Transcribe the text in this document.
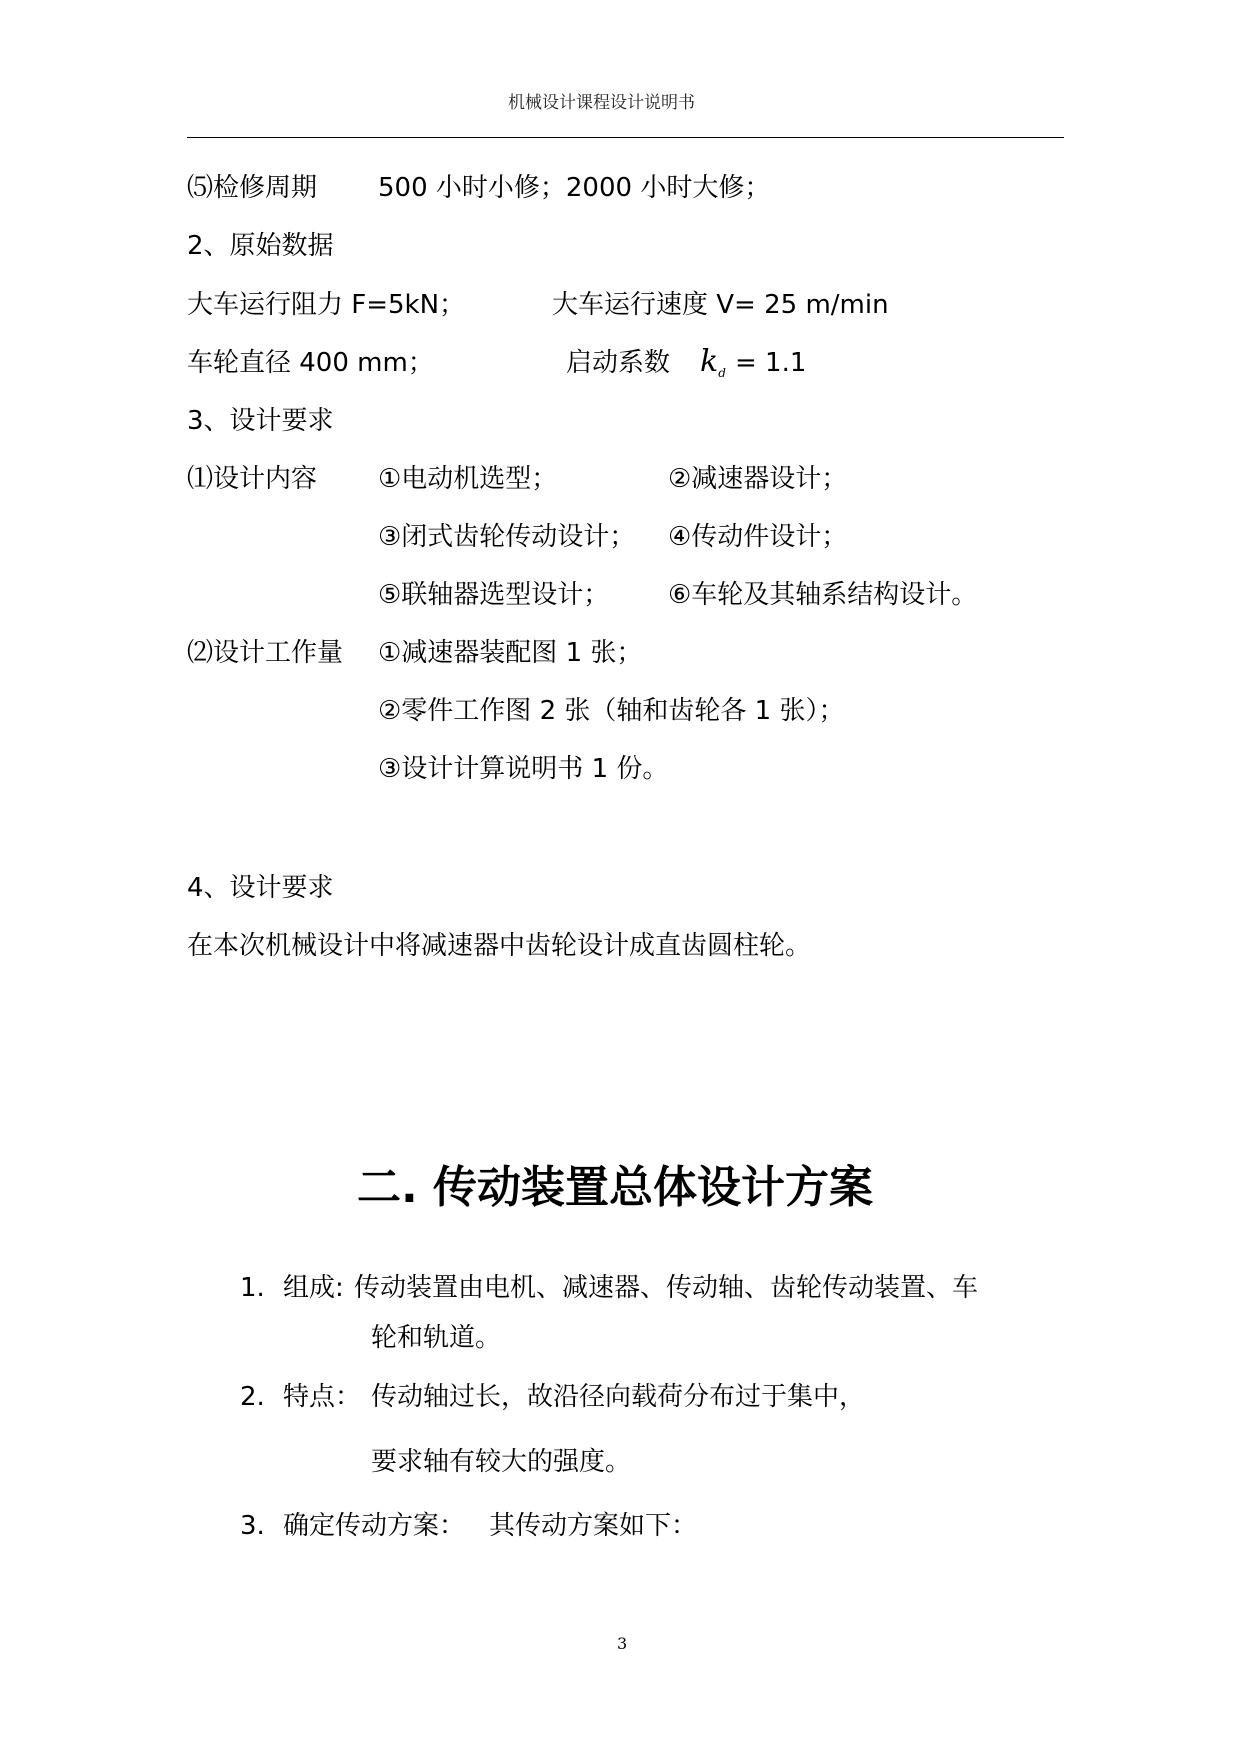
机械设计课程设计说明书
⑸检修周期 500 小时小修；2000 小时大修；
2、原始数据
大车运行阻力 F=5kN；	大车运行速度 V= 25 m/min
车轮直径 400 mm；	启动系数 $k_d = 1.1$
3、设计要求
⑴设计内容 ①电动机选型；	②减速器设计；
③闭式齿轮传动设计； ④传动件设计；
⑤联轴器选型设计； ⑥车轮及其轴系结构设计。
⑵设计工作量 ①减速器装配图 1 张；
②零件工作图 2 张（轴和齿轮各 1 张）；
③设计计算说明书 1 份。
4、设计要求
在本次机械设计中将减速器中齿轮设计成直齿圆柱轮。
二. 传动装置总体设计方案
1. 组成: 传动装置由电机、减速器、传动轴、齿轮传动装置、车
轮和轨道。
2. 特点： 传动轴过长，故沿径向载荷分布过于集中，
要求轴有较大的强度。
3. 确定传动方案： 其传动方案如下：
3
